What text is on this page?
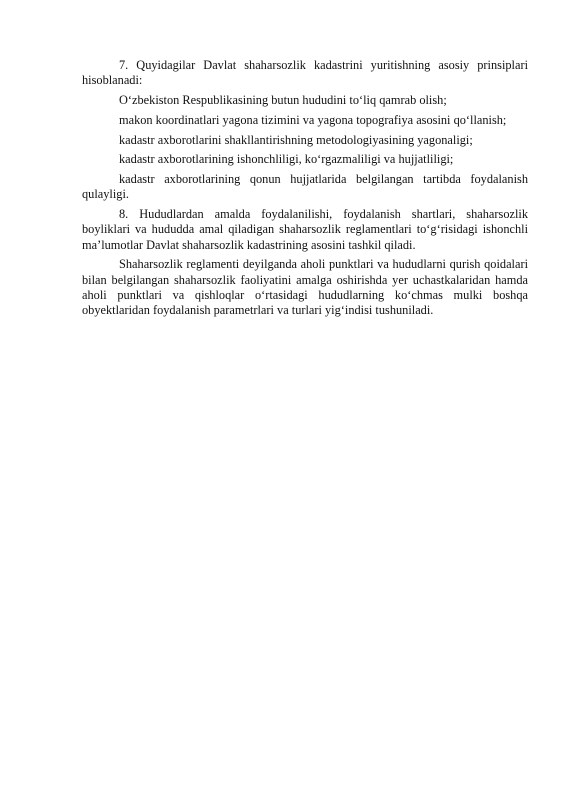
7. Quyidagilar Davlat shaharsozlik kadastrini yuritishning asosiy prinsiplari hisoblanadi:

O‘zbekiston Respublikasining butun hududini to‘liq qamrab olish;

makon koordinatlari yagona tizimini va yagona topografiya asosini qo‘llanish;

kadastr axborotlarini shakllantirishning metodologiyasining yagonaligi;

kadastr axborotlarining ishonchliligi, ko‘rgazmaliligi va hujjatliligi;

kadastr axborotlarining qonun hujjatlarida belgilangan tartibda foydalanish qulayligi.

8. Hududlardan amalda foydalanilishi, foydalanish shartlari, shaharsozlik boyliklari va hududda amal qiladigan shaharsozlik reglamentlari to‘g‘risidagi ishonchli ma’lumotlar Davlat shaharsozlik kadastrining asosini tashkil qiladi.

Shaharsozlik reglamenti deyilganda aholi punktlari va hududlarni qurish qoidalari bilan belgilangan shaharsozlik faoliyatini amalga oshirishda yer uchastkalaridan hamda aholi punktlari va qishloqlar o‘rtasidagi hududlarning ko‘chmas mulki boshqa obyektlaridan foydalanish parametrlari va turlari yig‘indisi tushuniladi.
